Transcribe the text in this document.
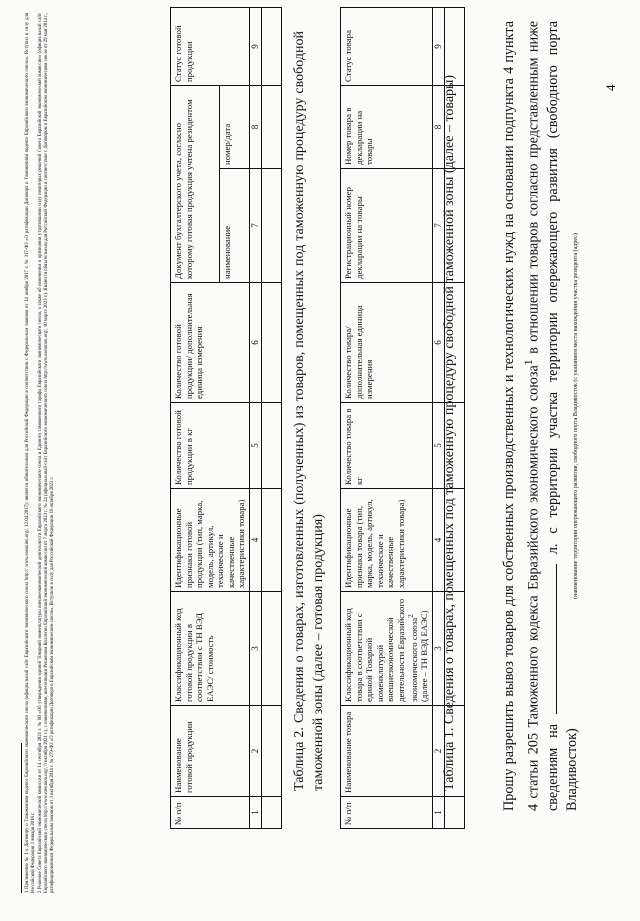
4
Прошу разрешить вывоз товаров для собственных производственных и технологических нужд на основании подпункта 4 пункта 4 статьи 205 Таможенного кодекса Евразийского экономического союза$^1$ в отношении товаров согласно представленным ниже сведениям на  л. с территории участка территории опережающего развития (свободного порта Владивосток)
(наименование территории опережающего развития, свободного порта Владивосток (с указанием места нахождения участка резидента (адрес)
Таблица 1. Сведения о товарах, помещенных под таможенную процедуру свободной таможенной зоны (далее – товары)
№ п/п	Наименование товара	Классификационный код товара в соответствии с единой Товарной номенклатурой внешнеэкономической деятельности Евразийского экономического союза$^2$ (далее – ТН ВЭД ЕАЭС)	Идентификационные признаки товара (тип, марка, модель, артикул, технические и качественные характеристики товара)	Количество товара в кг	Количество товара/ дополнительная единица измерения	Регистрационный номер декларации на товары	Номер товара в декларации на товары	Статус товара
1	2	3	4	5	6	7	8	9

Таблица 2. Сведения о товарах, изготовленных (полученных) из товаров, помещенных под таможенную процедуру свободной таможенной зоны (далее – готовая продукция)
№ п/п	Наименование готовой продукции	Классификационный код готовой продукции в соответствии с ТН ВЭД ЕАЭС/ стоимость	Идентификационные признаки готовой продукции (тип, марка, модель, артикул, технические и качественные характеристики товара)	Количество готовой продукции в кг	Количество готовой продукции/ дополнительная единица измерения	Документ бухгалтерского учета, согласно которому готовая продукция учтена резидентом		Статус готовой продукции
						наименование	номер/дата	
1	2	3	4	5	6	7	8	9

1 Приложение № 1 к Договору о Таможенном кодексе Евразийского экономического союза (официальный сайт Евразийского экономического союза http:// www.eaeunion.org/, 12.04.2017); является обязательным для Российской Федерации в соответствии с Федеральным законом от 14 ноября 2017 г. № 317-ФЗ «О ратификации Договора о Таможенном кодексе Евразийского экономического союза». Вступил в силу для Российской Федерации 1 января 2018 г. 2 Решение Совета Евразийской экономической комиссии от 14 сентября 2021 г. № 80 «Об утверждении единой Товарной номенклатуры внешнеэкономической деятельности Евразийского экономического союза и Единого таможенного тарифа Евразийского экономического союза, а также об изменении и признании утратившими силу некоторых решений Совета Евразийской экономической комиссии» (официальный сайт Евразийского экономического союза http://www.eaeunion.org/, 6 октября 2021 г.), с изменениями, внесенными Решением Коллегии Евразийской экономической комиссии от 7 марта 2023 г. № 24 (официальный сайт Евразийского экономического союза http://www.eaeunion.org/, 10 марта 2023 г.). Является обязательным для Российской Федерации в соответствии с Договором о Евразийском экономическом союзе от 29 мая 2014 г., ратифицированным Федеральным законом от 3 октября 2014 г. № 279-ФЗ «О ратификации Договора о Евразийском экономическом союзе». Вступило в силу для Российской Федерации 16 октября 2021 г.
